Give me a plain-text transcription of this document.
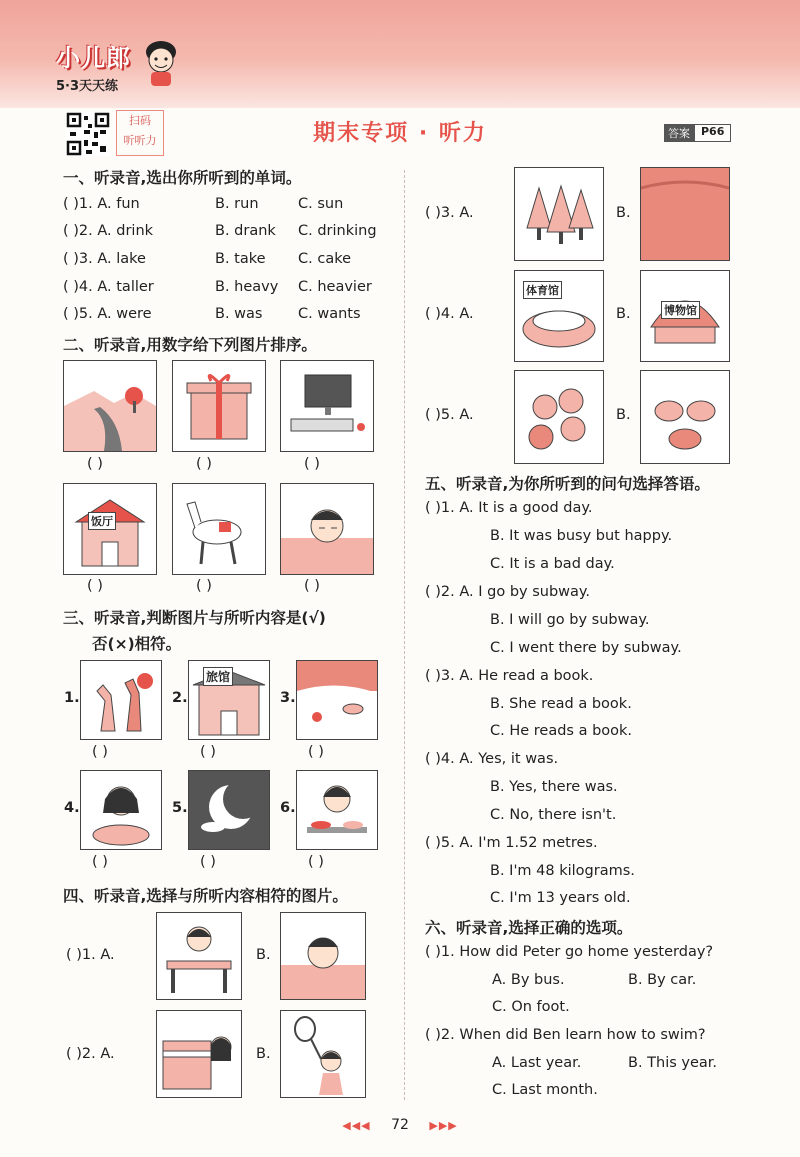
小儿郎
5·3天天练
扫码
听听力	期末专项 · 听力	答案	P66
一、听录音,选出你所听到的单词。
( )1. A. fun	B. run	C. sun
( )2. A. drink	B. drank C. drinking
( )3. A. lake	B. take C. cake
( )4. A. taller	B. heavy C. heavier
( )5. A. were	B. was C. wants
二、听录音,用数字给下列图片排序。
( )	( )	( )
饭厅
( )	( )	( )
三、听录音,判断图片与所听内容是(√)
否(×)相符。
1.	2.
旅馆
3.
( )	( )	( )
4.	5.	6.
( )	( )	( )
四、听录音,选择与所听内容相符的图片。
( )1. A.	B.
( )2. A.	B.
( )3. A.	B.
( )4. A.
体育馆
B.	博物馆
( )5. A.	B.
五、听录音,为你所听到的问句选择答语。
( )1. A. It is a good day.
B. It was busy but happy.
C. It is a bad day.
( )2. A. I go by subway.
B. I will go by subway.
C. I went there by subway.
( )3. A. He read a book.
B. She read a book.
C. He reads a book.
( )4. A. Yes, it was.
B. Yes, there was.
C. No, there isn't.
( )5. A. I'm 1.52 metres.
B. I'm 48 kilograms.
C. I'm 13 years old.
六、听录音,选择正确的选项。
( )1. How did Peter go home yesterday?
A. By bus.	B. By car.
C. On foot.
( )2. When did Ben learn how to swim?
A. Last year.	B. This year.
C. Last month.
◀◀◀ 72 ▶▶▶
